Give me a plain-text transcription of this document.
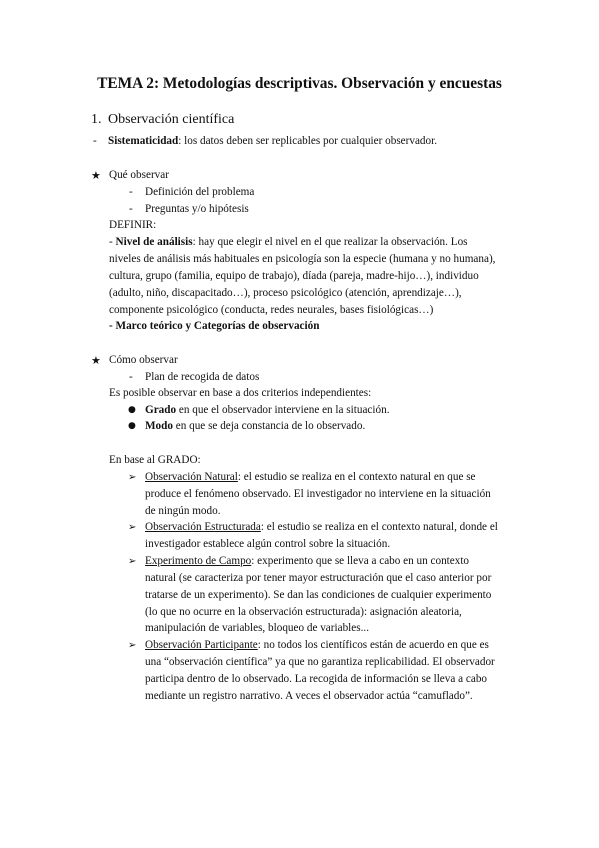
TEMA 2: Metodologías descriptivas. Observación y encuestas
1. Observación científica
- Sistematicidad: los datos deben ser replicables por cualquier observador.
★ Qué observar
- Definición del problema
- Preguntas y/o hipótesis
DEFINIR:
- Nivel de análisis: hay que elegir el nivel en el que realizar la observación. Los
niveles de análisis más habituales en psicología son la especie (humana y no humana),
cultura, grupo (familia, equipo de trabajo), díada (pareja, madre-hijo…), individuo
(adulto, niño, discapacitado…), proceso psicológico (atención, aprendizaje…),
componente psicológico (conducta, redes neurales, bases fisiológicas…)
- Marco teórico y Categorías de observación
★ Cómo observar
- Plan de recogida de datos
Es posible observar en base a dos criterios independientes:
● Grado en que el observador interviene en la situación.
● Modo en que se deja constancia de lo observado.
En base al GRADO:
➢ Observación Natural: el estudio se realiza en el contexto natural en que se
produce el fenómeno observado. El investigador no interviene en la situación
de ningún modo.
➢ Observación Estructurada: el estudio se realiza en el contexto natural, donde el
investigador establece algún control sobre la situación.
➢ Experimento de Campo: experimento que se lleva a cabo en un contexto
natural (se caracteriza por tener mayor estructuración que el caso anterior por
tratarse de un experimento). Se dan las condiciones de cualquier experimento
(lo que no ocurre en la observación estructurada): asignación aleatoria,
manipulación de variables, bloqueo de variables...
➢ Observación Participante: no todos los científicos están de acuerdo en que es
una “observación científica” ya que no garantiza replicabilidad. El observador
participa dentro de lo observado. La recogida de información se lleva a cabo
mediante un registro narrativo. A veces el observador actúa “camuflado”.
